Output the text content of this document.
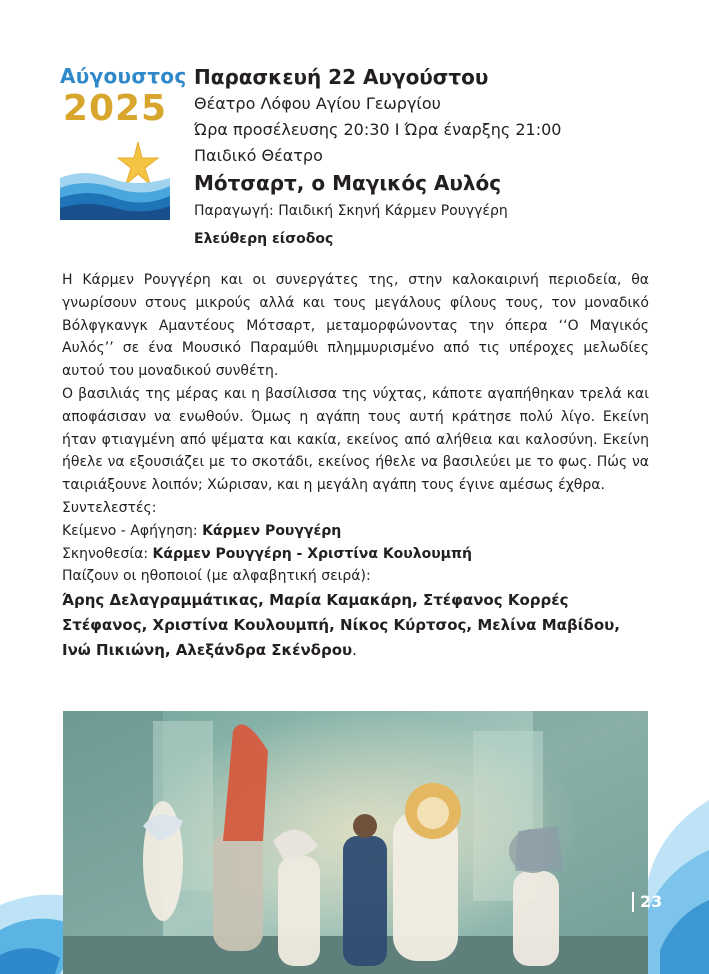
Αύγουστος
2025
Παρασκευή 22 Αυγούστου
Θέατρο Λόφου Αγίου Γεωργίου
Ώρα προσέλευσης 20:30 Ι Ώρα έναρξης 21:00
Παιδικό Θέατρο
Μότσαρτ, ο Μαγικός Αυλός
Παραγωγή: Παιδική Σκηνή Κάρμεν Ρουγγέρη
Ελεύθερη είσοδος

Η Κάρμεν Ρουγγέρη και οι συνεργάτες της, στην καλοκαιρινή περιοδεία, θα γνωρίσουν στους μικρούς αλλά και τους μεγάλους φίλους τους, τον μοναδικό Βόλφγκανγκ Αμαντέους Μότσαρτ, μεταμορφώνοντας την όπερα ‘‘Ο Μαγικός Αυλός’’ σε ένα Μουσικό Παραμύθι πλημμυρισμένο από τις υπέροχες μελωδίες αυτού του μοναδικού συνθέτη.

Ο βασιλιάς της μέρας και η βασίλισσα της νύχτας, κάποτε αγαπήθηκαν τρελά και αποφάσισαν να ενωθούν. Όμως η αγάπη τους αυτή κράτησε πολύ λίγο. Εκείνη ήταν φτιαγμένη από ψέματα και κακία, εκείνος από αλήθεια και καλοσύνη. Εκείνη ήθελε να εξουσιάζει με το σκοτάδι, εκείνος ήθελε να βασιλεύει με το φως. Πώς να ταιριάξουνε λοιπόν; Χώρισαν, και η μεγάλη αγάπη τους έγινε αμέσως έχθρα.

Συντελεστές:
Κείμενο - Αφήγηση: Κάρμεν Ρουγγέρη
Σκηνοθεσία: Κάρμεν Ρουγγέρη - Χριστίνα Κουλουμπή
Παίζουν οι ηθοποιοί (με αλφαβητική σειρά):
Άρης Δελαγραμμάτικας, Μαρία Καμακάρη, Στέφανος Κορρές Στέφανος, Χριστίνα Κουλουμπή, Νίκος Κύρτσος, Μελίνα Μαβίδου, Ινώ Πικιώνη, Αλεξάνδρα Σκένδρου.
23
